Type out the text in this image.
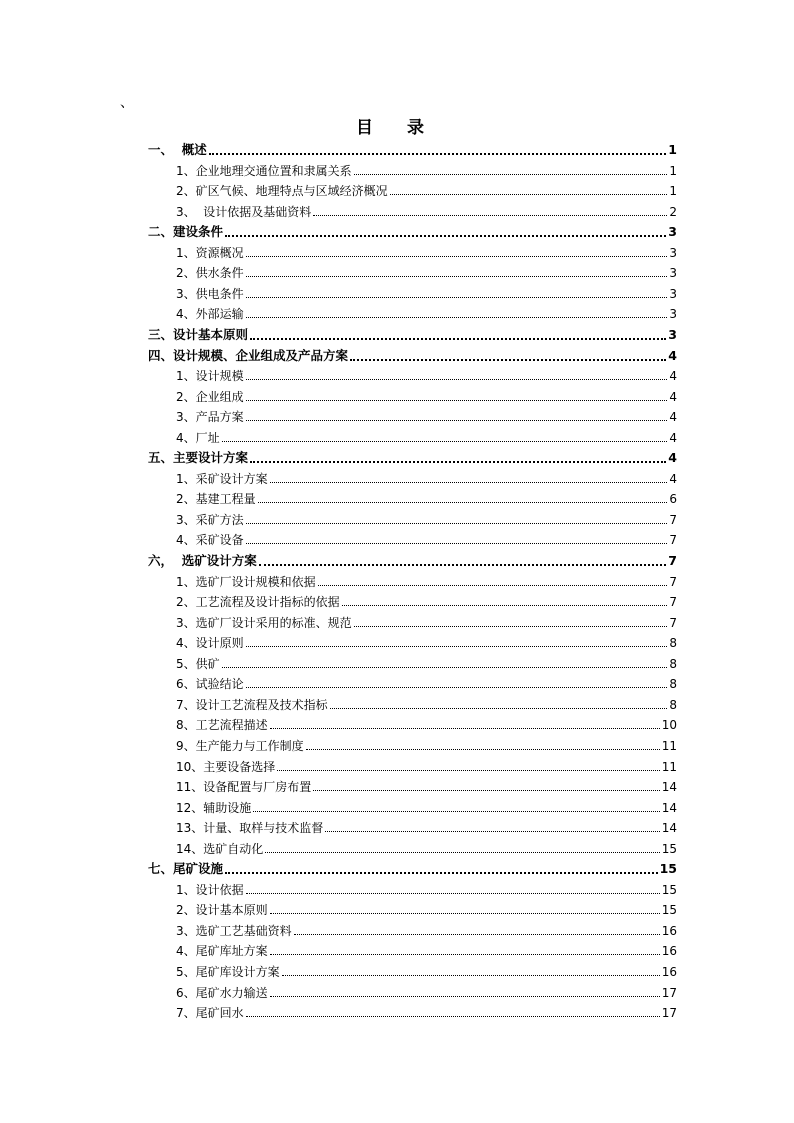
、
目 录
一、  概述	1
1、企业地理交通位置和隶属关系	1
2、矿区气候、地理特点与区域经济概况	1
3、  设计依据及基础资料	2
二、建设条件	3
1、资源概况	3
2、供水条件	3
3、供电条件	3
4、外部运输	3
三、设计基本原则	3
四、设计规模、企业组成及产品方案	4
1、设计规模	4
2、企业组成	4
3、产品方案	4
4、厂址	4
五、主要设计方案	4
1、采矿设计方案	4
2、基建工程量	6
3、采矿方法	7
4、采矿设备	7
六，  选矿设计方案	7
1、选矿厂设计规模和依据	7
2、工艺流程及设计指标的依据	7
3、选矿厂设计采用的标准、规范	7
4、设计原则	8
5、供矿	8
6、试验结论	8
7、设计工艺流程及技术指标	8
8、工艺流程描述	10
9、生产能力与工作制度	11
10、主要设备选择	11
11、设备配置与厂房布置	14
12、辅助设施	14
13、计量、取样与技术监督	14
14、选矿自动化	15
七、尾矿设施	15
1、设计依据	15
2、设计基本原则	15
3、选矿工艺基础资料	16
4、尾矿库址方案	16
5、尾矿库设计方案	16
6、尾矿水力输送	17
7、尾矿回水	17
